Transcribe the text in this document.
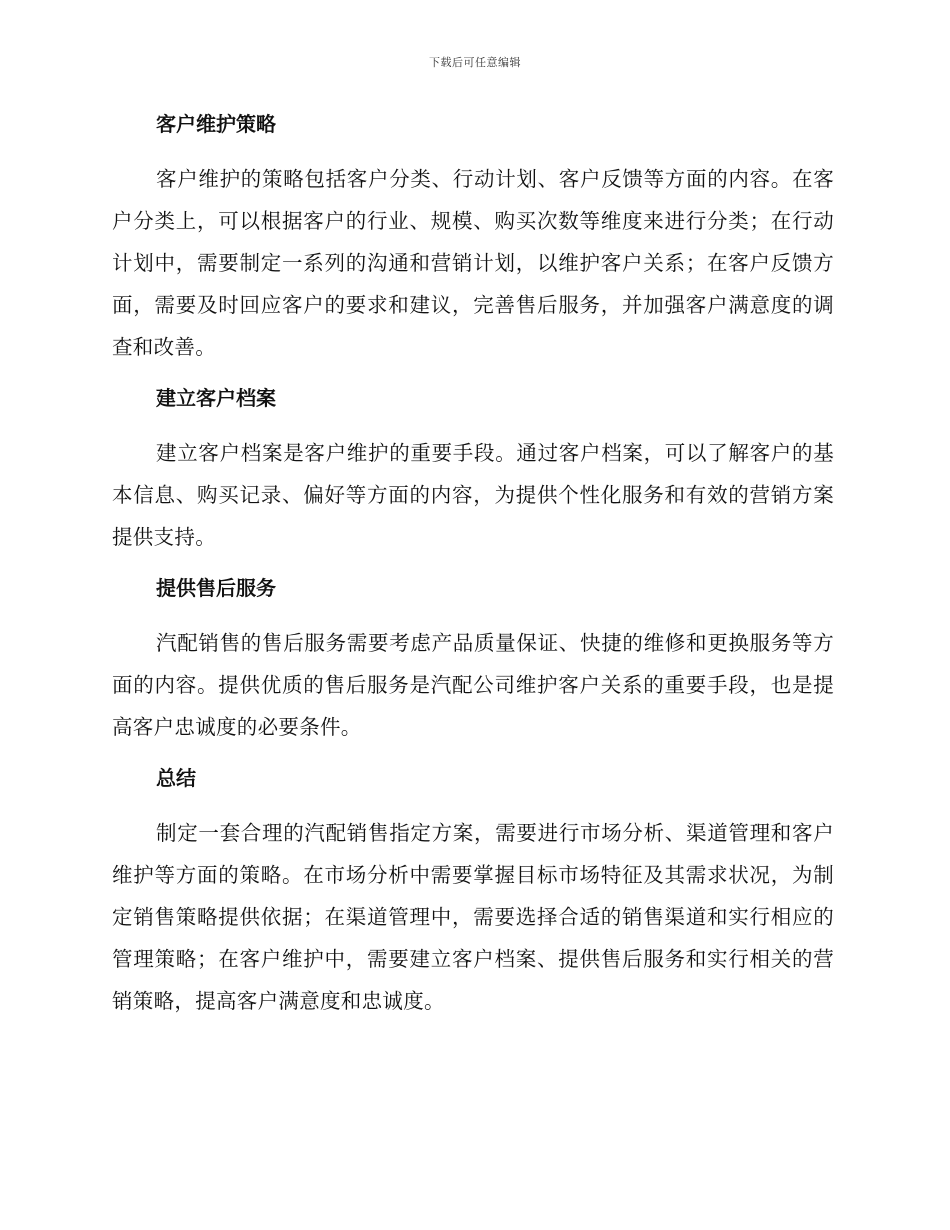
下载后可任意编辑
客户维护策略

客户维护的策略包括客户分类、行动计划、客户反馈等方面的内容。在客户分类上，可以根据客户的行业、规模、购买次数等维度来进行分类；在行动计划中，需要制定一系列的沟通和营销计划，以维护客户关系；在客户反馈方面，需要及时回应客户的要求和建议，完善售后服务，并加强客户满意度的调查和改善。

建立客户档案

建立客户档案是客户维护的重要手段。通过客户档案，可以了解客户的基本信息、购买记录、偏好等方面的内容，为提供个性化服务和有效的营销方案提供支持。

提供售后服务

汽配销售的售后服务需要考虑产品质量保证、快捷的维修和更换服务等方面的内容。提供优质的售后服务是汽配公司维护客户关系的重要手段，也是提高客户忠诚度的必要条件。

总结

制定一套合理的汽配销售指定方案，需要进行市场分析、渠道管理和客户维护等方面的策略。在市场分析中需要掌握目标市场特征及其需求状况，为制定销售策略提供依据；在渠道管理中，需要选择合适的销售渠道和实行相应的管理策略；在客户维护中，需要建立客户档案、提供售后服务和实行相关的营销策略，提高客户满意度和忠诚度。
